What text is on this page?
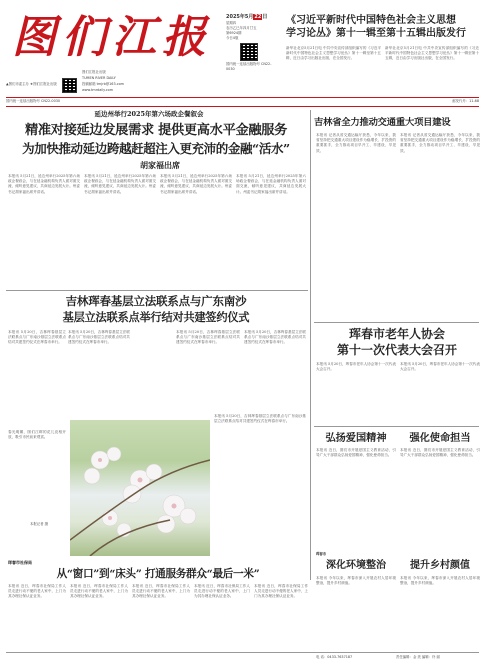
图们江报
▲图们市委主办 ★图们江报社出版
图们江报社出版
TUMEN RIVER DAILY
投稿邮箱 tmjrb@163.com
www.tmrdaily.com
2025年5月22日
星期四
农历乙巳年四月廿五
第6924期
今日4版
国内统一连续出版物号 CN22-0030
国内统一连续出版物号 CN22-0030	邮发代号：11-68
《习近平新时代中国特色社会主义思想
学习论丛》第十一辑至第十五辑出版发行
新华社北京5月21日电 中共中央宣传部组织编写的《习近平新时代中国特色社会主义思想学习论丛》第十一辑至第十五辑，近日由学习出版社出版，在全国发行。
新华社北京5月21日电 中共中央宣传部组织编写的《习近平新时代中国特色社会主义思想学习论丛》第十一辑至第十五辑，近日由学习出版社出版，在全国发行。
延边州举行2025年第六场政企餐叙会
精准对接延边发展需求 提供更高水平金融服务
为加快推动延边跨越赶超注入更充沛的金融“活水”
胡家福出席
本报讯 5月21日，延边州举行2025年第六场政企餐叙会，与在延金融机构负责人面对面交流，倾听意见建议，共商延边发展大计。州委书记胡家福出席并讲话。
本报讯 5月21日，延边州举行2025年第六场政企餐叙会，与在延金融机构负责人面对面交流，倾听意见建议，共商延边发展大计。州委书记胡家福出席并讲话。
本报讯 5月21日，延边州举行2025年第六场政企餐叙会，与在延金融机构负责人面对面交流，倾听意见建议，共商延边发展大计。州委书记胡家福出席并讲话。
本报讯 5月21日，延边州举行2025年第六场政企餐叙会，与在延金融机构负责人面对面交流，倾听意见建议，共商延边发展大计。州委书记胡家福出席并讲话。
吉林省全力推动交通重大项目建设
本报讯 记者从省交通运输厅获悉，今年以来，我省坚持把交通重大项目建设作为稳增长、扩投资的重要抓手，全力推动项目早开工、早建设、早见效。
本报讯 记者从省交通运输厅获悉，今年以来，我省坚持把交通重大项目建设作为稳增长、扩投资的重要抓手，全力推动项目早开工、早建设、早见效。
吉林珲春基层立法联系点与广东南沙
基层立法联系点举行结对共建签约仪式
本报讯 5月20日，吉林珲春基层立法联系点与广东南沙基层立法联系点结对共建签约仪式在珲春市举行。
本报讯 5月20日，吉林珲春基层立法联系点与广东南沙基层立法联系点结对共建签约仪式在珲春市举行。
本报讯 5月20日，吉林珲春基层立法联系点与广东南沙基层立法联系点结对共建签约仪式在珲春市举行。
本报讯 5月20日，吉林珲春基层立法联系点与广东南沙基层立法联系点结对共建签约仪式在珲春市举行。
春光明媚，图们江畔的花儿竞相开放，吸引市民前来观赏。
本报记者 摄
本报讯 5月20日，吉林珲春基层立法联系点与广东南沙基层立法联系点结对共建签约仪式在珲春市举行。
珲春市老年人协会
第十一次代表大会召开
本报讯 5月20日，珲春市老年人协会第十一次代表大会召开。
本报讯 5月20日，珲春市老年人协会第十一次代表大会召开。
弘扬爱国精神	强化使命担当
本报讯 近日，图们市开展爱国主义教育活动，引导广大干部群众弘扬爱国精神，强化使命担当。
本报讯 近日，图们市开展爱国主义教育活动，引导广大干部群众弘扬爱国精神，强化使命担当。
珲春市
深化环境整治	提升乡村颜值
本报讯 今年以来，珲春市深入开展农村人居环境整治，提升乡村颜值。
本报讯 今年以来，珲春市深入开展农村人居环境整治，提升乡村颜值。
珲春市社保局
从“窗口”到“床头” 打通服务群众“最后一米”
本报讯 近日，珲春市社保局工作人员走进行动不便的老人家中，上门为其办理社保认证业务。
本报讯 近日，珲春市社保局工作人员走进行动不便的老人家中，上门为其办理社保认证业务。
本报讯 近日，珲春市社保局工作人员走进行动不便的老人家中，上门为其办理社保认证业务。
本报讯 近日，珲春市社保局工作人员走进行动不便的老人家中，上门为其办理社保认证业务。
本报讯 近日，珲春市社保局工作人员走进行动不便的老人家中，上门为其办理社保认证业务。
电 话：0433-7637187	责任编辑：金 美 编辑：朴 丽
